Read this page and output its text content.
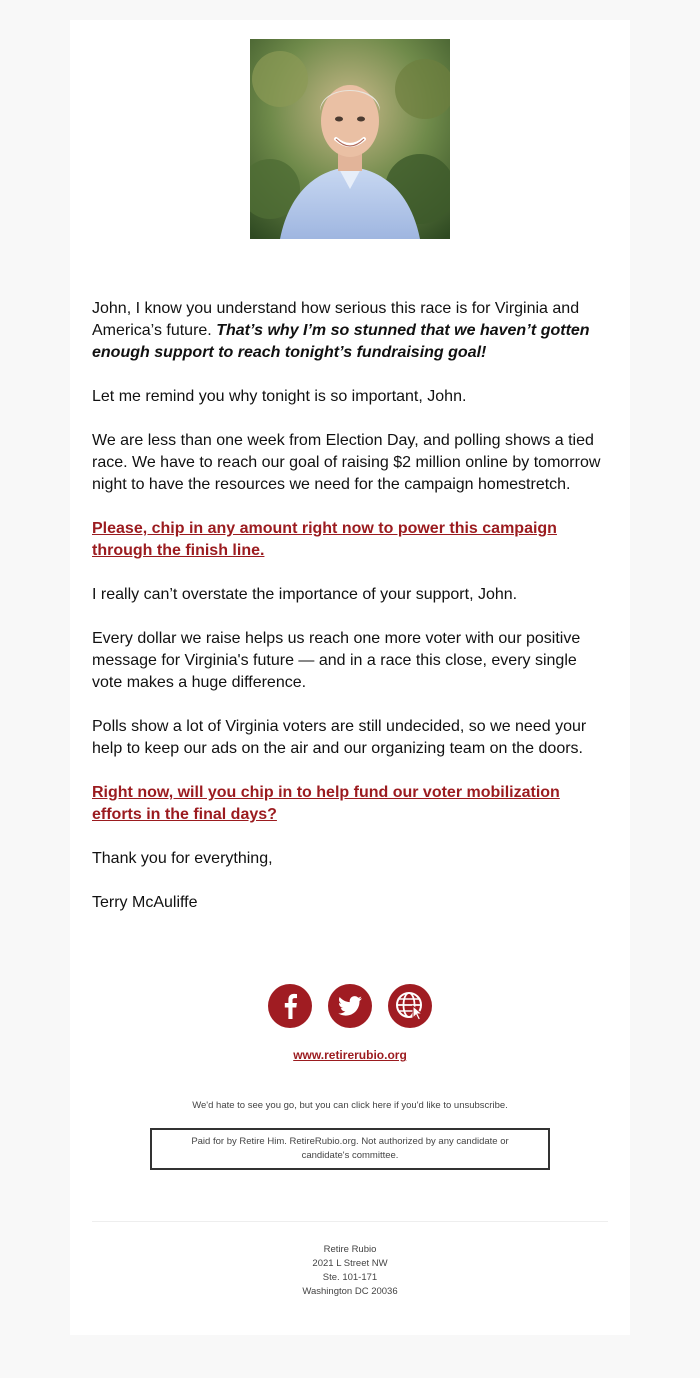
John, I know you understand how serious this race is for Virginia and America’s future. That’s why I’m so stunned that we haven’t gotten enough support to reach tonight’s fundraising goal!

Let me remind you why tonight is so important, John.

We are less than one week from Election Day, and polling shows a tied race. We have to reach our goal of raising $2 million online by tomorrow night to have the resources we need for the campaign homestretch.

Please, chip in any amount right now to power this campaign through the finish line.

I really can’t overstate the importance of your support, John.

Every dollar we raise helps us reach one more voter with our positive message for Virginia's future — and in a race this close, every single vote makes a huge difference.

Polls show a lot of Virginia voters are still undecided, so we need your help to keep our ads on the air and our organizing team on the doors.

Right now, will you chip in to help fund our voter mobilization efforts in the final days?

Thank you for everything,

Terry McAuliffe

www.retirerubio.org
We'd hate to see you go, but you can click here if you'd like to unsubscribe.
Paid for by Retire Him. RetireRubio.org. Not authorized by any candidate or candidate's committee.
Retire Rubio
2021 L Street NW
Ste. 101-171
Washington DC 20036
